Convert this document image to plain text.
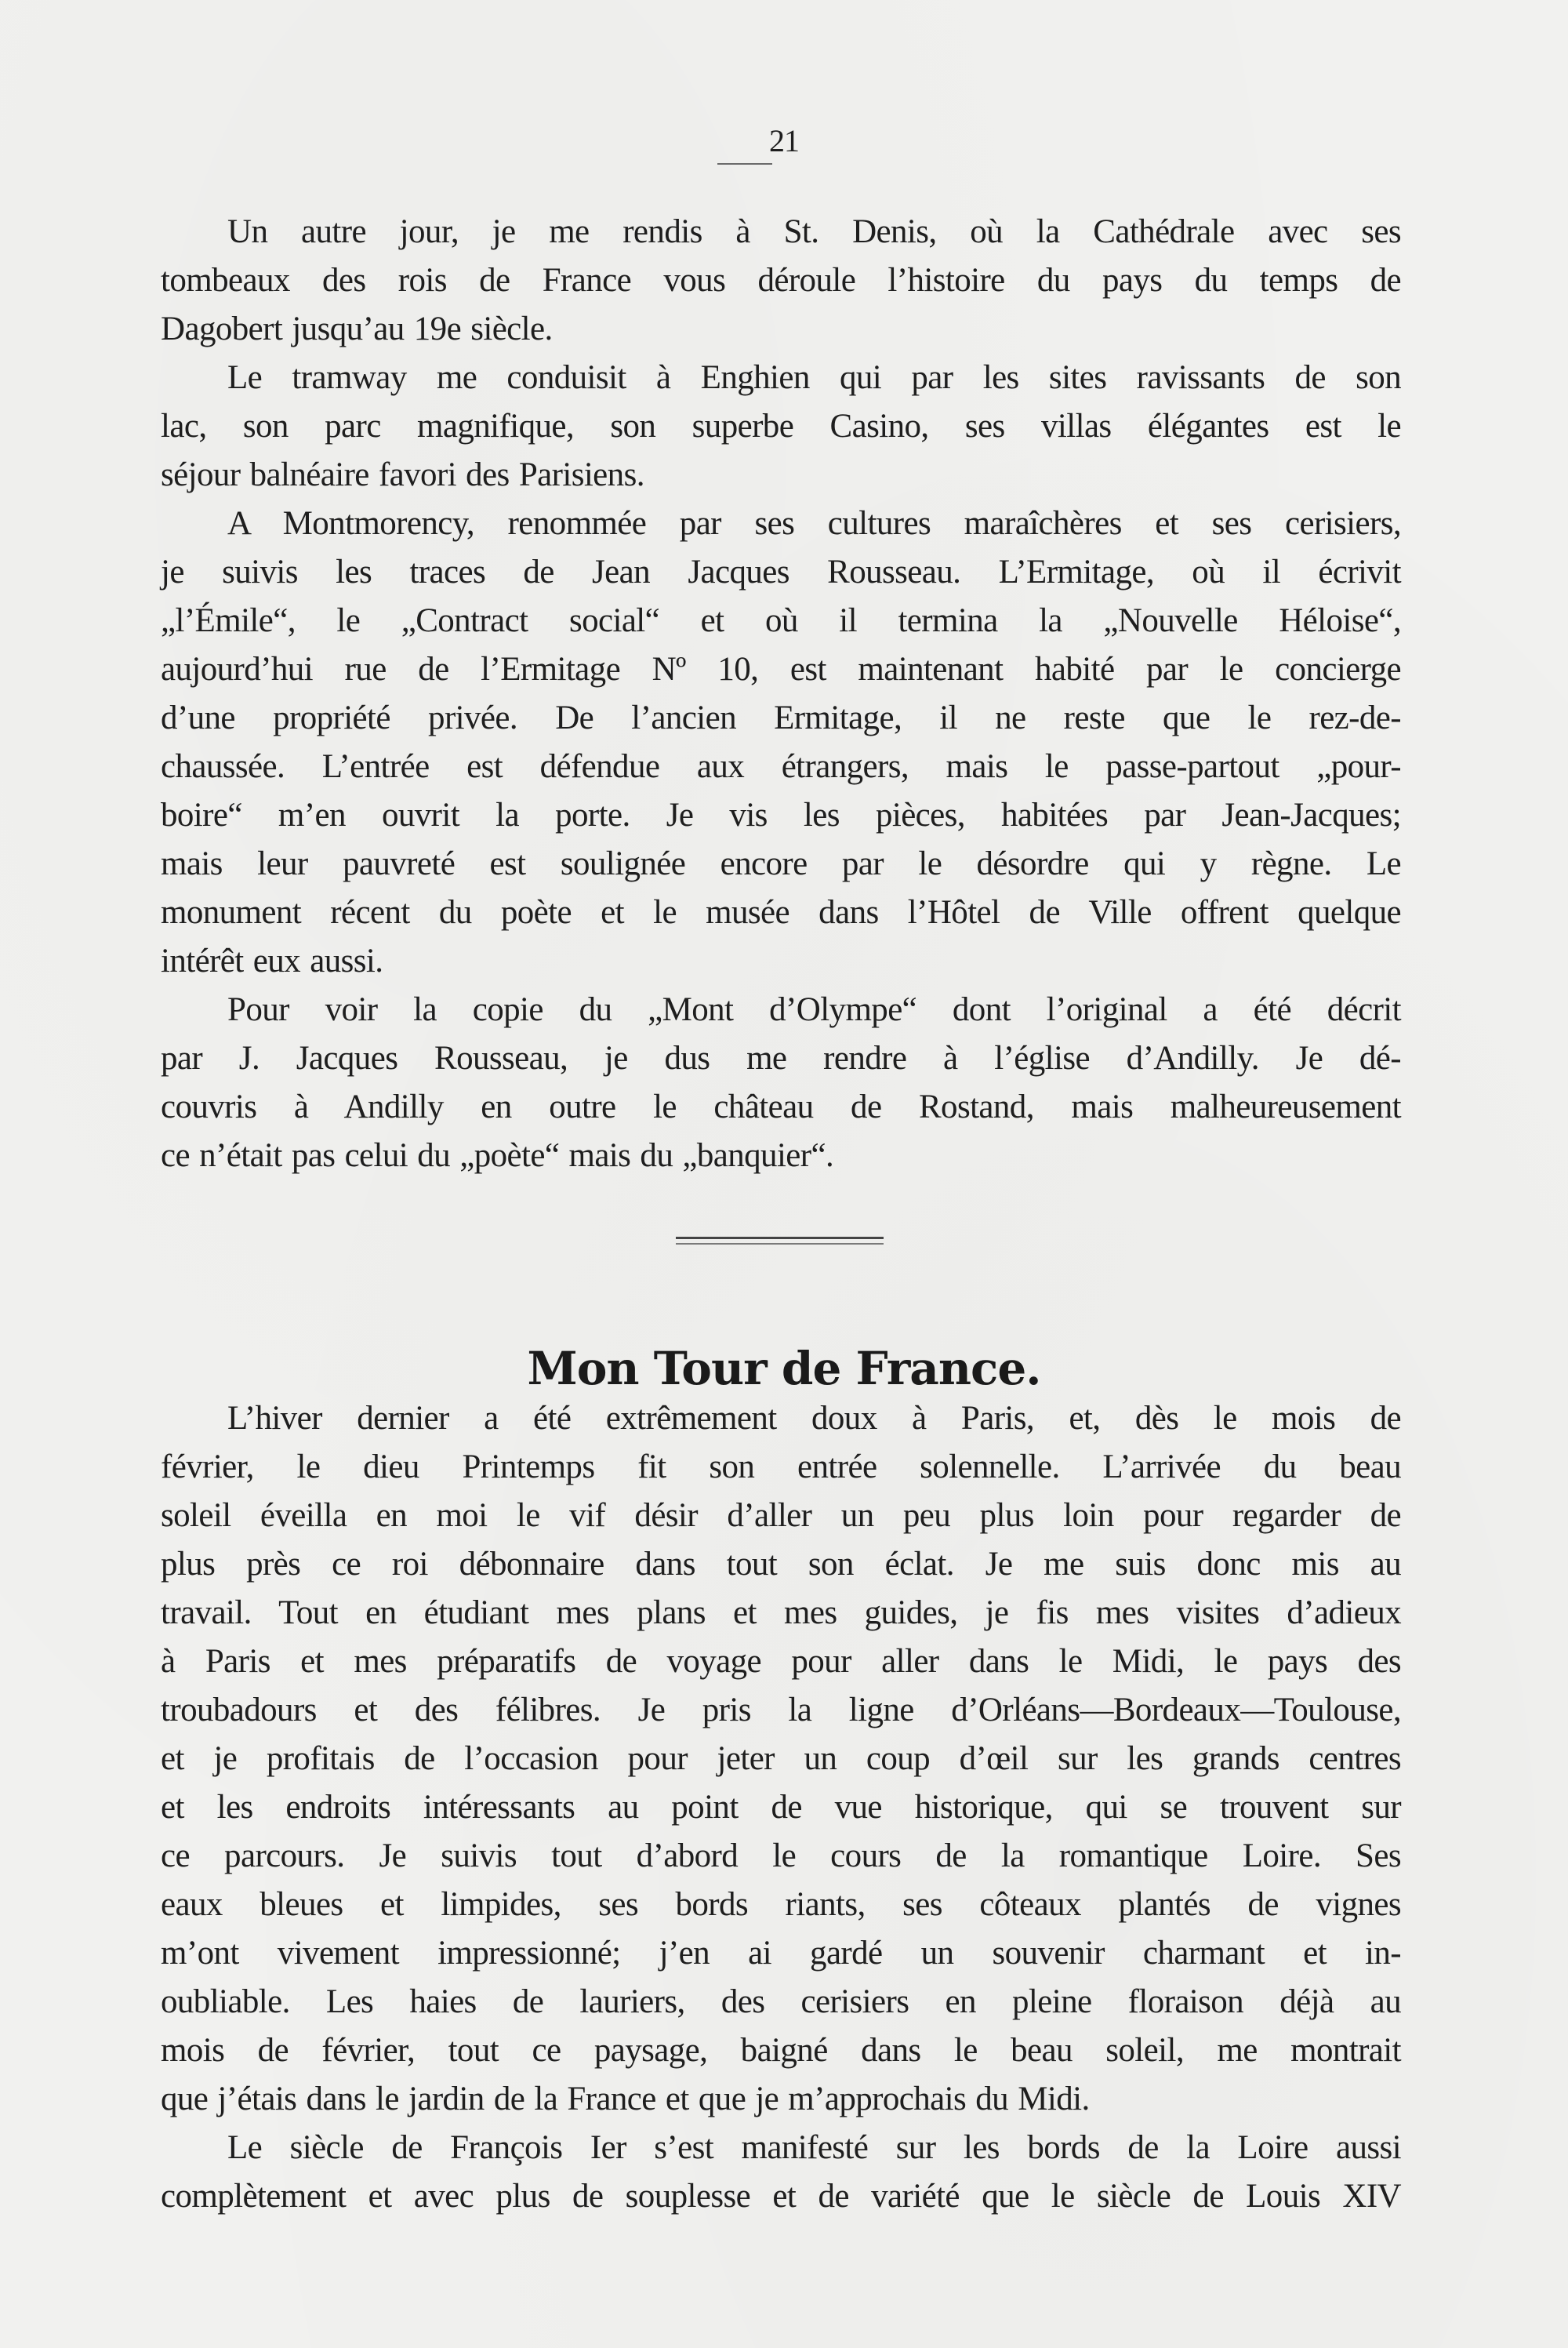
21

Un autre jour, je me rendis à St. Denis, où la Cathédrale avec ses
tombeaux des rois de France vous déroule l’histoire du pays du temps de
Dagobert jusqu’au 19e siècle.

Le tramway me conduisit à Enghien qui par les sites ravissants de son
lac, son parc magnifique, son superbe Casino, ses villas élégantes est le
séjour balnéaire favori des Parisiens.

A Montmorency, renommée par ses cultures maraîchères et ses cerisiers,
je suivis les traces de Jean Jacques Rousseau. L’Ermitage, où il écrivit
„l’Émile“, le „Contract social“ et où il termina la „Nouvelle Héloise“,
aujourd’hui rue de l’Ermitage Nº 10, est maintenant habité par le concierge
d’une propriété privée. De l’ancien Ermitage, il ne reste que le rez-de-
chaussée. L’entrée est défendue aux étrangers, mais le passe-partout „pour-
boire“ m’en ouvrit la porte. Je vis les pièces, habitées par Jean-Jacques;
mais leur pauvreté est soulignée encore par le désordre qui y règne. Le
monument récent du poète et le musée dans l’Hôtel de Ville offrent quelque
intérêt eux aussi.

Pour voir la copie du „Mont d’Olympe“ dont l’original a été décrit
par J. Jacques Rousseau, je dus me rendre à l’église d’Andilly. Je dé-
couvris à Andilly en outre le château de Rostand, mais malheureusement
ce n’était pas celui du „poète“ mais du „banquier“.

Mon Tour de France.

L’hiver dernier a été extrêmement doux à Paris, et, dès le mois de
février, le dieu Printemps fit son entrée solennelle. L’arrivée du beau
soleil éveilla en moi le vif désir d’aller un peu plus loin pour regarder de
plus près ce roi débonnaire dans tout son éclat. Je me suis donc mis au
travail. Tout en étudiant mes plans et mes guides, je fis mes visites d’adieux
à Paris et mes préparatifs de voyage pour aller dans le Midi, le pays des
troubadours et des félibres. Je pris la ligne d’Orléans—Bordeaux—Toulouse,
et je profitais de l’occasion pour jeter un coup d’œil sur les grands centres
et les endroits intéressants au point de vue historique, qui se trouvent sur
ce parcours. Je suivis tout d’abord le cours de la romantique Loire. Ses
eaux bleues et limpides, ses bords riants, ses côteaux plantés de vignes
m’ont vivement impressionné; j’en ai gardé un souvenir charmant et in-
oubliable. Les haies de lauriers, des cerisiers en pleine floraison déjà au
mois de février, tout ce paysage, baigné dans le beau soleil, me montrait
que j’étais dans le jardin de la France et que je m’approchais du Midi.

Le siècle de François Ier s’est manifesté sur les bords de la Loire aussi
complètement et avec plus de souplesse et de variété que le siècle de Louis XIV
